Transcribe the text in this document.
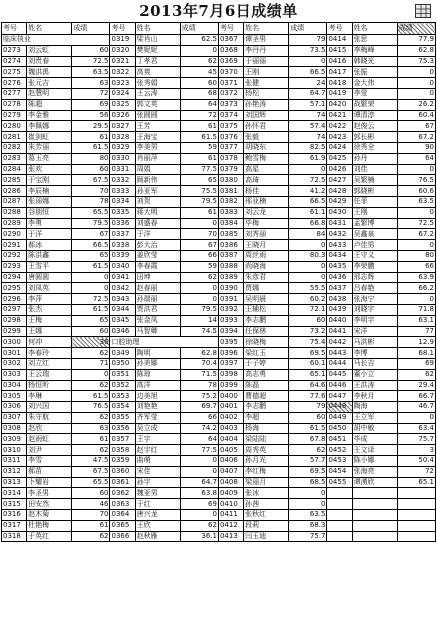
2013年7月6日成绩单
考号	姓名	成绩	考号	姓名	成绩	考号	姓名	成绩	考号	姓名	成绩
临床执业			0319	梁肖山	62.5	0367	谭圣男	79	0414	张思	77.9
0273	刘云虹	60	0320	樊妮妮	0	0368	李丹丹	73.5	0415	李梅峰	62.8
0274	刘贵春	72.5	0321	丁孝君	62	0369	于丽丽	0	0416	韩晓光	75.3
0275	魏洪禹	63.5	0322	高爽	45	0370	王刚	66.5	0417	张振	0
0276	张元吉	63	0323	张秀娟	60	0371	张健	24	0418	金大伟	0
0277	赵慧明	72	0324	王云涛	68	0372	杨松	64.7	0419	李莹	0
0278	陈超	69	0325	郭文英	64	0373	孙艳涛	57.1	0420	战繁荣	26.2
0279	李金雅	56	0326	张圆圆	72	0374	刘国辉	74	0421	谭清淳	60.4
0280	李佩娜	29.5	0327	王芳	61	0375	孙怀君	57.4	0422	赵俊云	67
0281	崔剑虹	61	0328	王海宝	61.5	0376	张毅	74	0423	郭长彬	67.2
0282	朱芳丽	61.5	0329	李美男	59	0377	胡晓东	82.5	0424	徐秀全	90
0283	葛玉亮	80	0330	肖丽萍	61	0378	鲍雪梅	61.9	0425	孙丹	64
0284	张欢	60	0331	周娟	77.5	0379	高星	0	0426	刘佳	0
0285	于宝刚	67.5	0332	顾新伟	65	0380	高琦	72.5	0427	吴繁楠	76.5
0286	李辰楠	70	0333	孙亚军	75.5	0381	杨佳	41.2	0428	郭晓彬	60.6
0287	张丽娜	78	0334	刘贺	79.5	0382	邢亚楠	66.5	0429	任菲	63.5
0288	谷朋恒	65.5	0335	蒋大明	61	0383	刘云龙	61.1	0430	王刚	0
0289	李勇	79.5	0336	刘盛春	0	0384	毕梅	66.8	0431	孟繁博	72.5
0290	于洋	67	0337	于洋	70	0385	刘秀丽	84	0432	吴鑫泉	67.2
0291	郝冰	66.5	0338	彭大治	67	0386	王晓月	0	0433	卢佳男	0
0292	陈洪鑫	65	0339	姜欣莹	66	0387	周丝雨	80.3	0434	王守义	80
0293	王雪平	61.5	0340	李春霞	59	0388	尚晓海	0	0435	李荣鹏	66
0294	唐圆圆	0	0341	田坤	62	0389	朱彦君	0	0436	邢志辉	63.9
0295	刘凤英	0	0342	赵春丽	0	0390	贾娜	55.5	0437	吕春艳	66.2
0296	李萍	72.5	0343	孙瑞丽	0	0391	吴明晨	60.2	0438	张海宁	0
0297	张杰	61.5	0344	贾洪君	79.5	0392	王辅松	72.1	0439	刘晓宇	71.8
0298	王梅	65	0345	张金凤	14	0393	李志鹏	60	0440	李明宇	63.1
0299	王娜	60	0346	马智卿	74.5	0394	任保林	73.2	0441	宋洋	77
0300	何冲	36	口腔助理			0395	徐晓梅	75.4	0442	马洪彬	12.9
0301	李春玲	62	0349	陶明	62.8	0396	梁红玉	69.5	0443	李博	68.1
0302	刘立红	71	0350	孙美娜	70.4	0397	于子婷	60.1	0444	马长吉	69
0303	王云瑞	0	0351	陈琼	71.5	0398	高志勇	65.1	0445	董小立	62
0304	杨恒昕	62	0352	高洋	78	0399	陈磊	64.6	0446	王洪涛	29.4
0305	李琳	61.5	0353	边美旭	75.2	0400	曹德超	77.6	0447	李秋月	66.7
0306	刘兴国	76.5	0354	刘艳艳	69.7	0401	李志鹏	79	0448	陶海	46.7
0307	朱守航	62	0355	齐军莹	66	0402	李超	60	0449	王立军	0
0308	赵欣	63	0356	吴立成	74.2	0403	杨海	61.5	0450	胡中敏	63.4
0309	赵雨虹	61	0357	王宇	64	0404	梁陆陆	67.8	0451	毕成	75.7
0310	刘尹	62	0358	赵宇红	77.5	0405	周秀英	62	0452	王文译	3
0311	李雪	47.5	0359	曲萌	0	0406	孙月光	57.7	0453	陈小娜	50.4
0312	郝苗	67.5	0360	宋佳	0	0407	李红梅	69.5	0454	张海亮	72
0313	卜耀岩	65.5	0361	孙宇	64.7	0408	梁丽月	68.5	0455	谭湧欣	65.1
0314	李圣男	60	0362	魏亚男	63.8	0409	张冰	0			
0315	田安然	46	0363	于红	69	0410	孙茜	0			
0316	赵木菊	70	0364	唐兴龙	0	0411	张秋红	63.5			
0317	杜艳梅	61	0365	王欣	62	0412	段莉	68.3			
0318	于英红	62	0366	赵秋雁	36.1	0413	闫玉迪	75.7			
